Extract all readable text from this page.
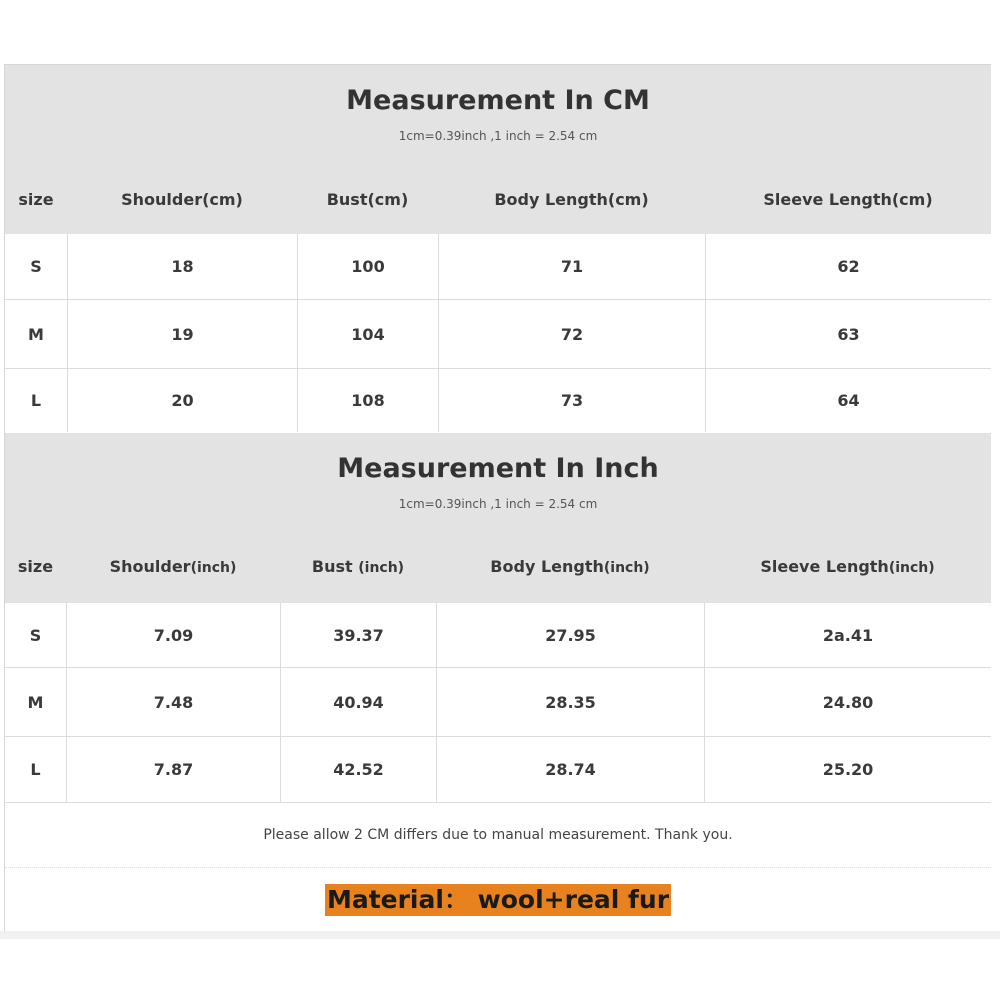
Measurement In CM
1cm=0.39inch ,1 inch = 2.54 cm
size	Shoulder(cm)	Bust(cm)	Body Length(cm)	Sleeve Length(cm)
S	18	100	71	62
M	19	104	72	63
L	20	108	73	64
Measurement In Inch
1cm=0.39inch ,1 inch = 2.54 cm
size	Shoulder(inch)	Bust (inch)	Body Length(inch)	Sleeve Length(inch)
S	7.09	39.37	27.95	2a.41
M	7.48	40.94	28.35	24.80
L	7.87	42.52	28.74	25.20
Please allow 2 CM differs due to manual measurement. Thank you.
Material： wool+real fur
